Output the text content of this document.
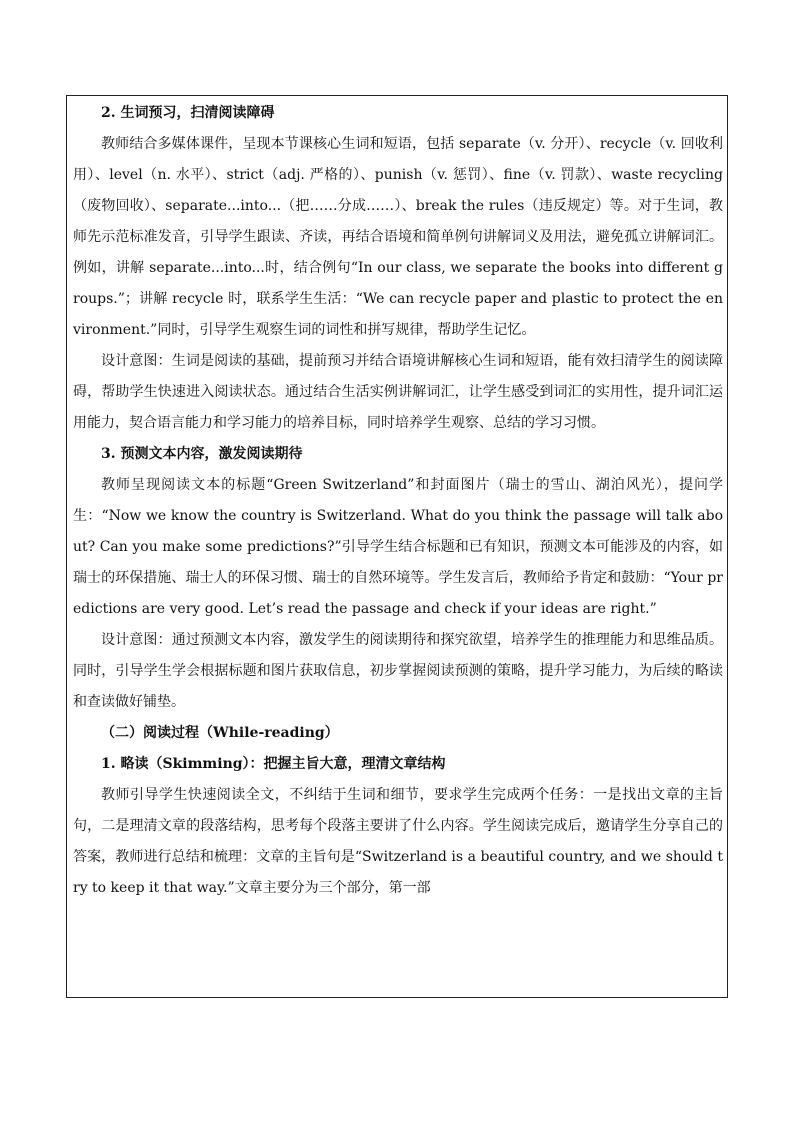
2. 生词预习，扫清阅读障碍

教师结合多媒体课件，呈现本节课核心生词和短语，包括 separate（v. 分开）、recycle（v. 回收利用）、level（n. 水平）、strict（adj. 严格的）、punish（v. 惩罚）、fine（v. 罚款）、waste recycling（废物回收）、separate...into...（把……分成……）、break the rules（违反规定）等。对于生词，教师先示范标准发音，引导学生跟读、齐读，再结合语境和简单例句讲解词义及用法，避免孤立讲解词汇。例如，讲解 separate...into...时，结合例句“In our class, we separate the books into different groups.”；讲解 recycle 时，联系学生生活：“We can recycle paper and plastic to protect the environment.”同时，引导学生观察生词的词性和拼写规律，帮助学生记忆。

设计意图：生词是阅读的基础，提前预习并结合语境讲解核心生词和短语，能有效扫清学生的阅读障碍，帮助学生快速进入阅读状态。通过结合生活实例讲解词汇，让学生感受到词汇的实用性，提升词汇运用能力，契合语言能力和学习能力的培养目标，同时培养学生观察、总结的学习习惯。

3. 预测文本内容，激发阅读期待

教师呈现阅读文本的标题“Green Switzerland”和封面图片（瑞士的雪山、湖泊风光），提问学生：“Now we know the country is Switzerland. What do you think the passage will talk about? Can you make some predictions?”引导学生结合标题和已有知识，预测文本可能涉及的内容，如瑞士的环保措施、瑞士人的环保习惯、瑞士的自然环境等。学生发言后，教师给予肯定和鼓励：“Your predictions are very good. Let’s read the passage and check if your ideas are right.”

设计意图：通过预测文本内容，激发学生的阅读期待和探究欲望，培养学生的推理能力和思维品质。同时，引导学生学会根据标题和图片获取信息，初步掌握阅读预测的策略，提升学习能力，为后续的略读和查读做好铺垫。

（二）阅读过程（While-reading）

1. 略读（Skimming）：把握主旨大意，理清文章结构

教师引导学生快速阅读全文，不纠结于生词和细节，要求学生完成两个任务：一是找出文章的主旨句，二是理清文章的段落结构，思考每个段落主要讲了什么内容。学生阅读完成后，邀请学生分享自己的答案，教师进行总结和梳理：文章的主旨句是“Switzerland is a beautiful country, and we should try to keep it that way.”文章主要分为三个部分，第一部
